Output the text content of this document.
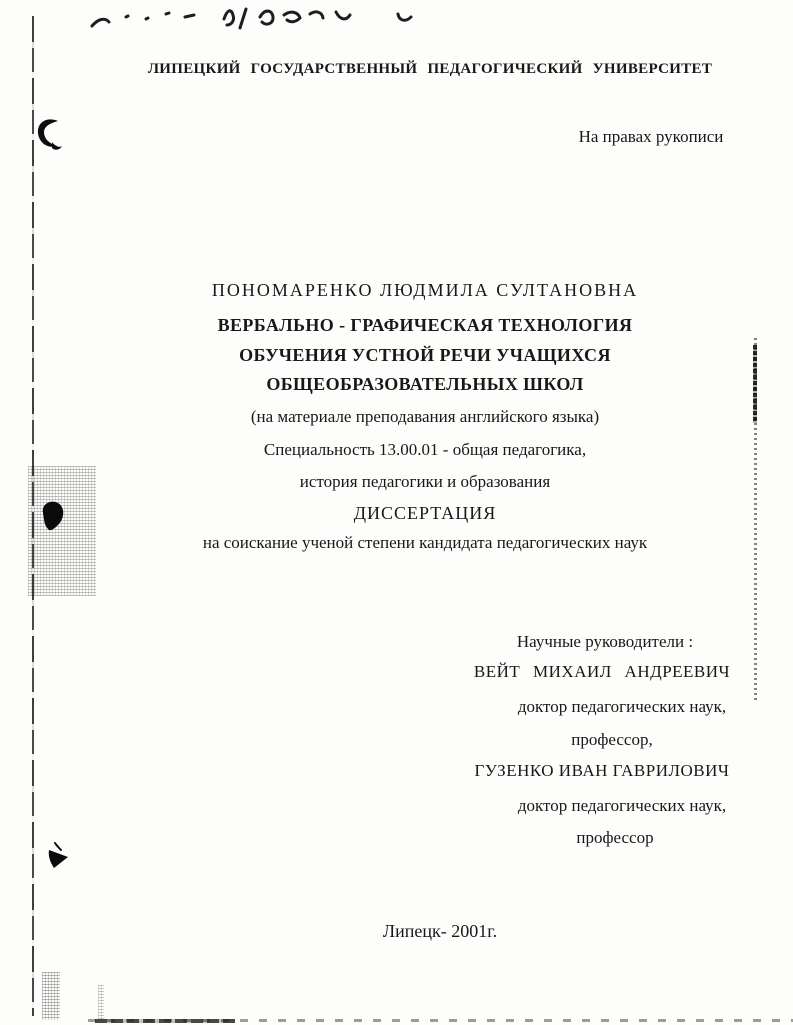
ЛИПЕЦКИЙ ГОСУДАРСТВЕННЫЙ ПЕДАГОГИЧЕСКИЙ УНИВЕРСИТЕТ
На правах рукописи
ПОНОМАРЕНКО ЛЮДМИЛА СУЛТАНОВНА
ВЕРБАЛЬНО - ГРАФИЧЕСКАЯ ТЕХНОЛОГИЯ
ОБУЧЕНИЯ УСТНОЙ РЕЧИ УЧАЩИХСЯ
ОБЩЕОБРАЗОВАТЕЛЬНЫХ ШКОЛ
(на материале преподавания английского языка)
Специальность 13.00.01 - общая педагогика,
история педагогики и образования
ДИССЕРТАЦИЯ
на соискание ученой степени кандидата педагогических наук
Научные руководители :
ВЕЙТ МИХАИЛ АНДРЕЕВИЧ
доктор педагогических наук,
профессор,
ГУЗЕНКО ИВАН ГАВРИЛОВИЧ
доктор педагогических наук,
профессор
Липецк- 2001г.
